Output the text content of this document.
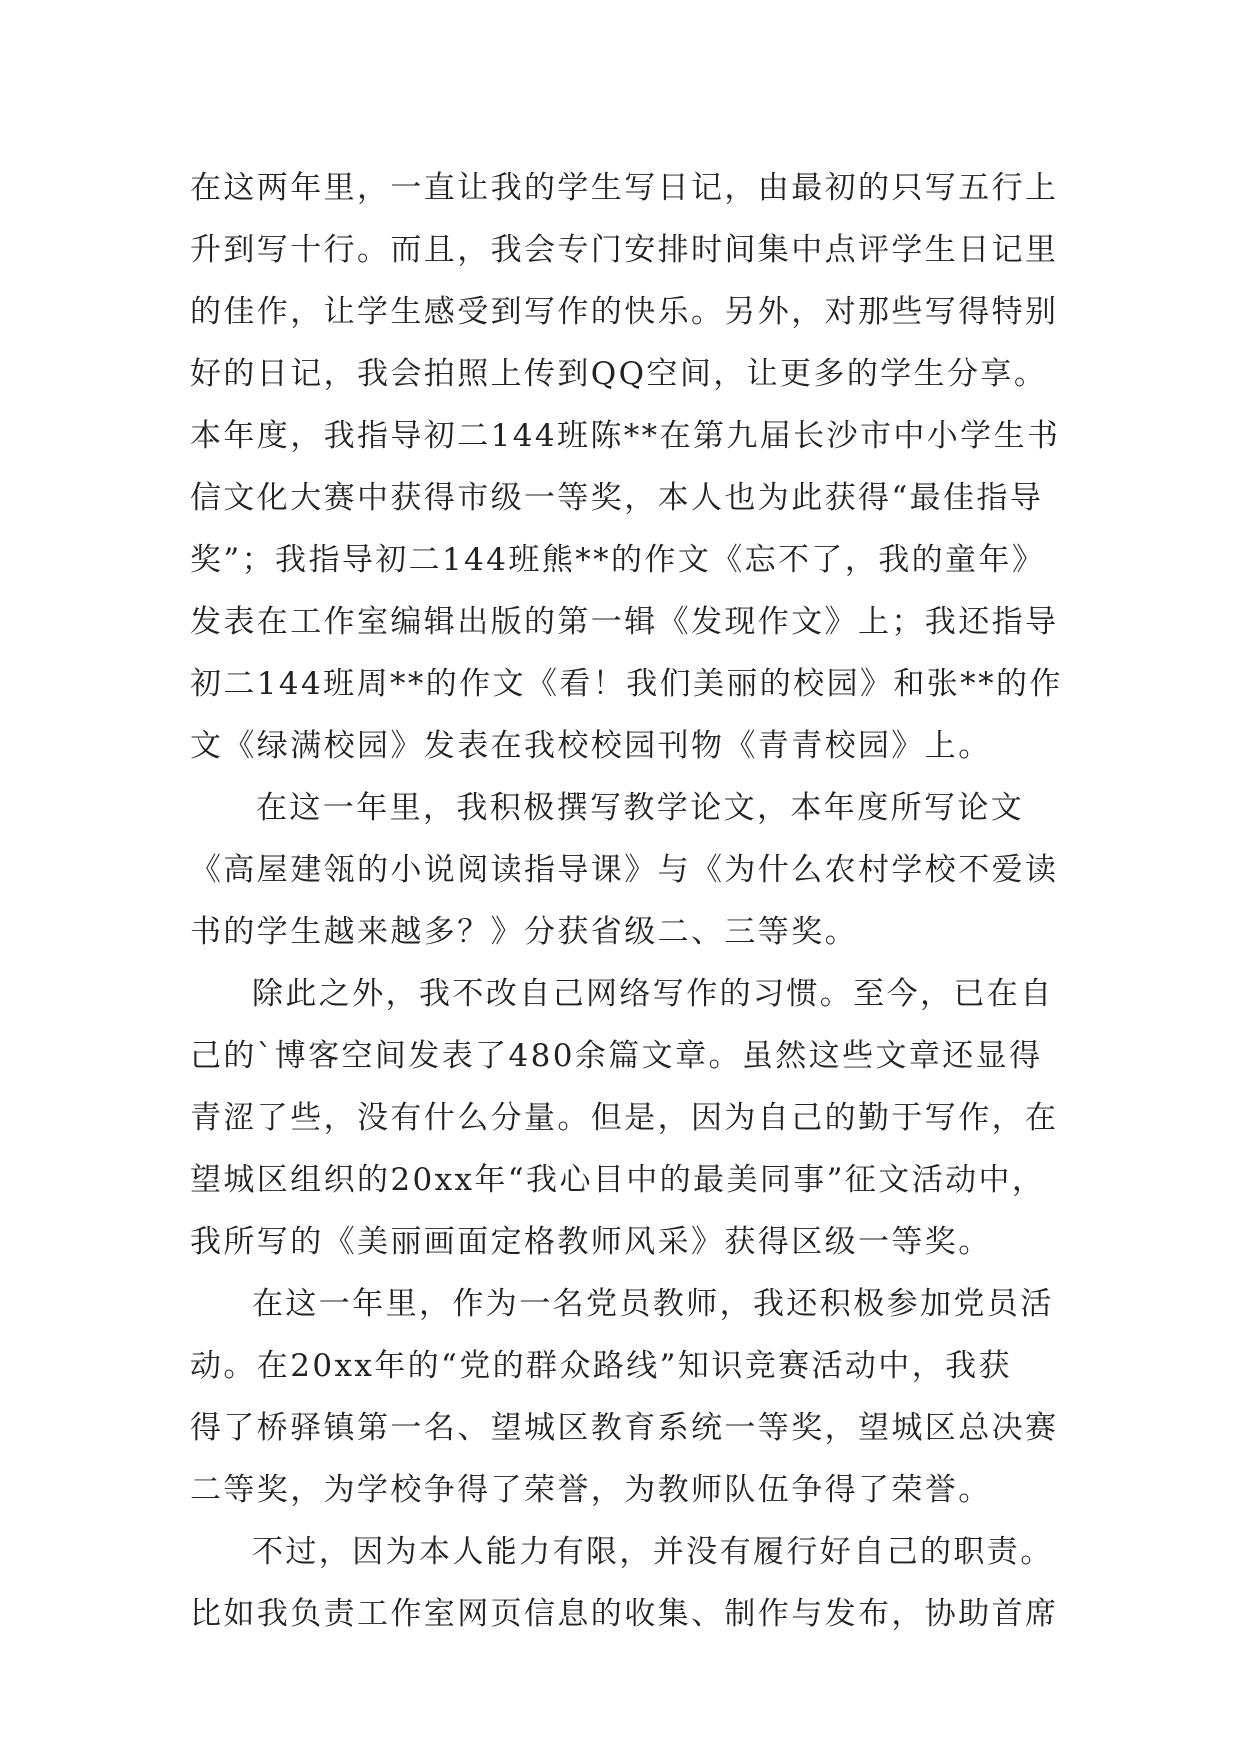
在这两年里，一直让我的学生写日记，由最初的只写五行上
升到写十行。而且，我会专门安排时间集中点评学生日记里
的佳作，让学生感受到写作的快乐。另外，对那些写得特别
好的日记，我会拍照上传到QQ空间，让更多的学生分享。
本年度，我指导初二144班陈**在第九届长沙市中小学生书
信文化大赛中获得市级一等奖，本人也为此获得“最佳指导
奖”；我指导初二144班熊**的作文《忘不了，我的童年》
发表在工作室编辑出版的第一辑《发现作文》上；我还指导
初二144班周**的作文《看！我们美丽的校园》和张**的作
文《绿满校园》发表在我校校园刊物《青青校园》上。
在这一年里，我积极撰写教学论文，本年度所写论文
《高屋建瓴的小说阅读指导课》与《为什么农村学校不爱读
书的学生越来越多？》分获省级二、三等奖。
除此之外，我不改自己网络写作的习惯。至今，已在自
己的`博客空间发表了480余篇文章。虽然这些文章还显得
青涩了些，没有什么分量。但是，因为自己的勤于写作，在
望城区组织的20xx年“我心目中的最美同事”征文活动中，
我所写的《美丽画面定格教师风采》获得区级一等奖。
在这一年里，作为一名党员教师，我还积极参加党员活
动。在20xx年的“党的群众路线”知识竞赛活动中，我获
得了桥驿镇第一名、望城区教育系统一等奖，望城区总决赛
二等奖，为学校争得了荣誉，为教师队伍争得了荣誉。
不过，因为本人能力有限，并没有履行好自己的职责。
比如我负责工作室网页信息的收集、制作与发布，协助首席
